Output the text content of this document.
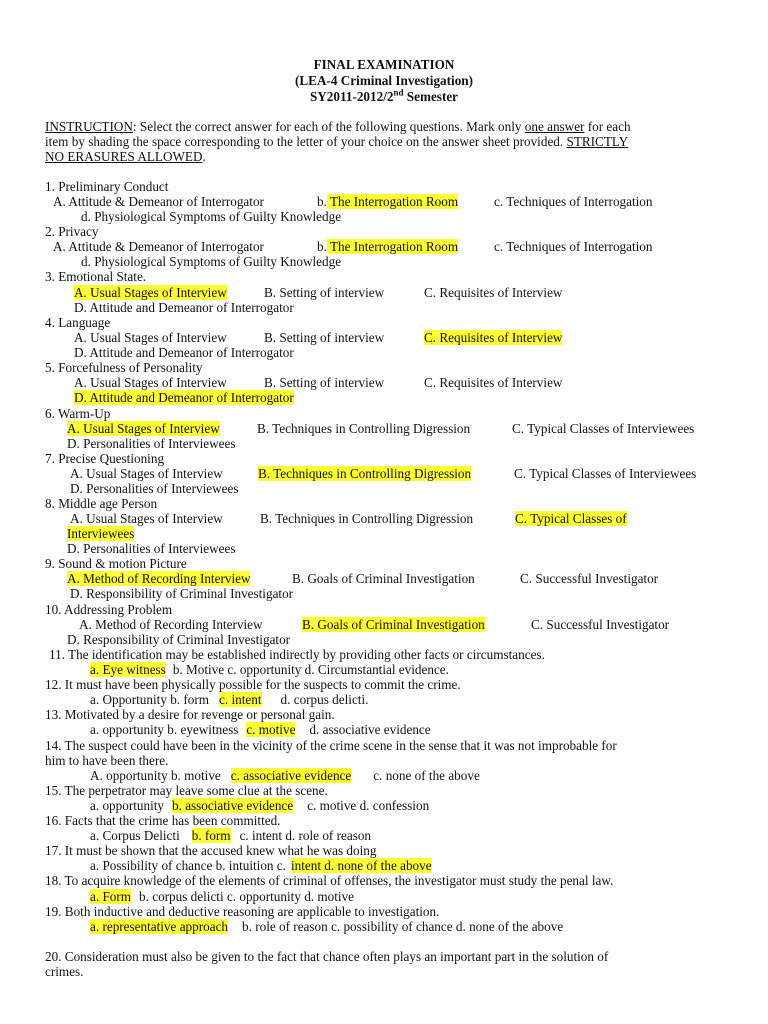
FINAL EXAMINATION
(LEA-4 Criminal Investigation)
SY2011-2012/2nd Semester
INSTRUCTION: Select the correct answer for each of the following questions. Mark only one answer for each
item by shading the space corresponding to the letter of your choice on the answer sheet provided. STRICTLY
NO ERASURES ALLOWED.
1. Preliminary Conduct
A. Attitude & Demeanor of Interrogator	b. The Interrogation Room	c. Techniques of Interrogation
d. Physiological Symptoms of Guilty Knowledge
2. Privacy
A. Attitude & Demeanor of Interrogator	b. The Interrogation Room	c. Techniques of Interrogation
d. Physiological Symptoms of Guilty Knowledge
3. Emotional State.
A. Usual Stages of Interview	B. Setting of interview	C. Requisites of Interview
D. Attitude and Demeanor of Interrogator
4. Language
A. Usual Stages of Interview	B. Setting of interview	C. Requisites of Interview
D. Attitude and Demeanor of Interrogator
5. Forcefulness of Personality
A. Usual Stages of Interview	B. Setting of interview	C. Requisites of Interview
D. Attitude and Demeanor of Interrogator
6. Warm-Up
A. Usual Stages of Interview	B. Techniques in Controlling Digression	C. Typical Classes of Interviewees
D. Personalities of Interviewees
7. Precise Questioning
A. Usual Stages of Interview	B. Techniques in Controlling Digression	C. Typical Classes of Interviewees
D. Personalities of Interviewees
8. Middle age Person
A. Usual Stages of Interview	B. Techniques in Controlling Digression	C. Typical Classes of
Interviewees
D. Personalities of Interviewees
9. Sound & motion Picture
A. Method of Recording Interview	B. Goals of Criminal Investigation	C. Successful Investigator
D. Responsibility of Criminal Investigator
10. Addressing Problem
A. Method of Recording Interview	B. Goals of Criminal Investigation	C. Successful Investigator
D. Responsibility of Criminal Investigator
11. The identification may be established indirectly by providing other facts or circumstances.
a. Eye witness b. Motive c. opportunity d. Circumstantial evidence.
12. It must have been physically possible for the suspects to commit the crime.
a. Opportunity b. form c. intent d. corpus delicti.
13. Motivated by a desire for revenge or personal gain.
a. opportunity b. eyewitness c. motive d. associative evidence
14. The suspect could have been in the vicinity of the crime scene in the sense that it was not improbable for
him to have been there.
A. opportunity b. motive c. associative evidence c. none of the above
15. The perpetrator may leave some clue at the scene.
a. opportunity b. associative evidence c. motive d. confession
16. Facts that the crime has been committed.
a. Corpus Delicti b. form c. intent d. role of reason
17. It must be shown that the accused knew what he was doing
a. Possibility of chance b. intuition c. intent d. none of the above
18. To acquire knowledge of the elements of criminal of offenses, the investigator must study the penal law.
a. Form b. corpus delicti c. opportunity d. motive
19. Both inductive and deductive reasoning are applicable to investigation.
a. representative approach b. role of reason c. possibility of chance d. none of the above
20. Consideration must also be given to the fact that chance often plays an important part in the solution of
crimes.
